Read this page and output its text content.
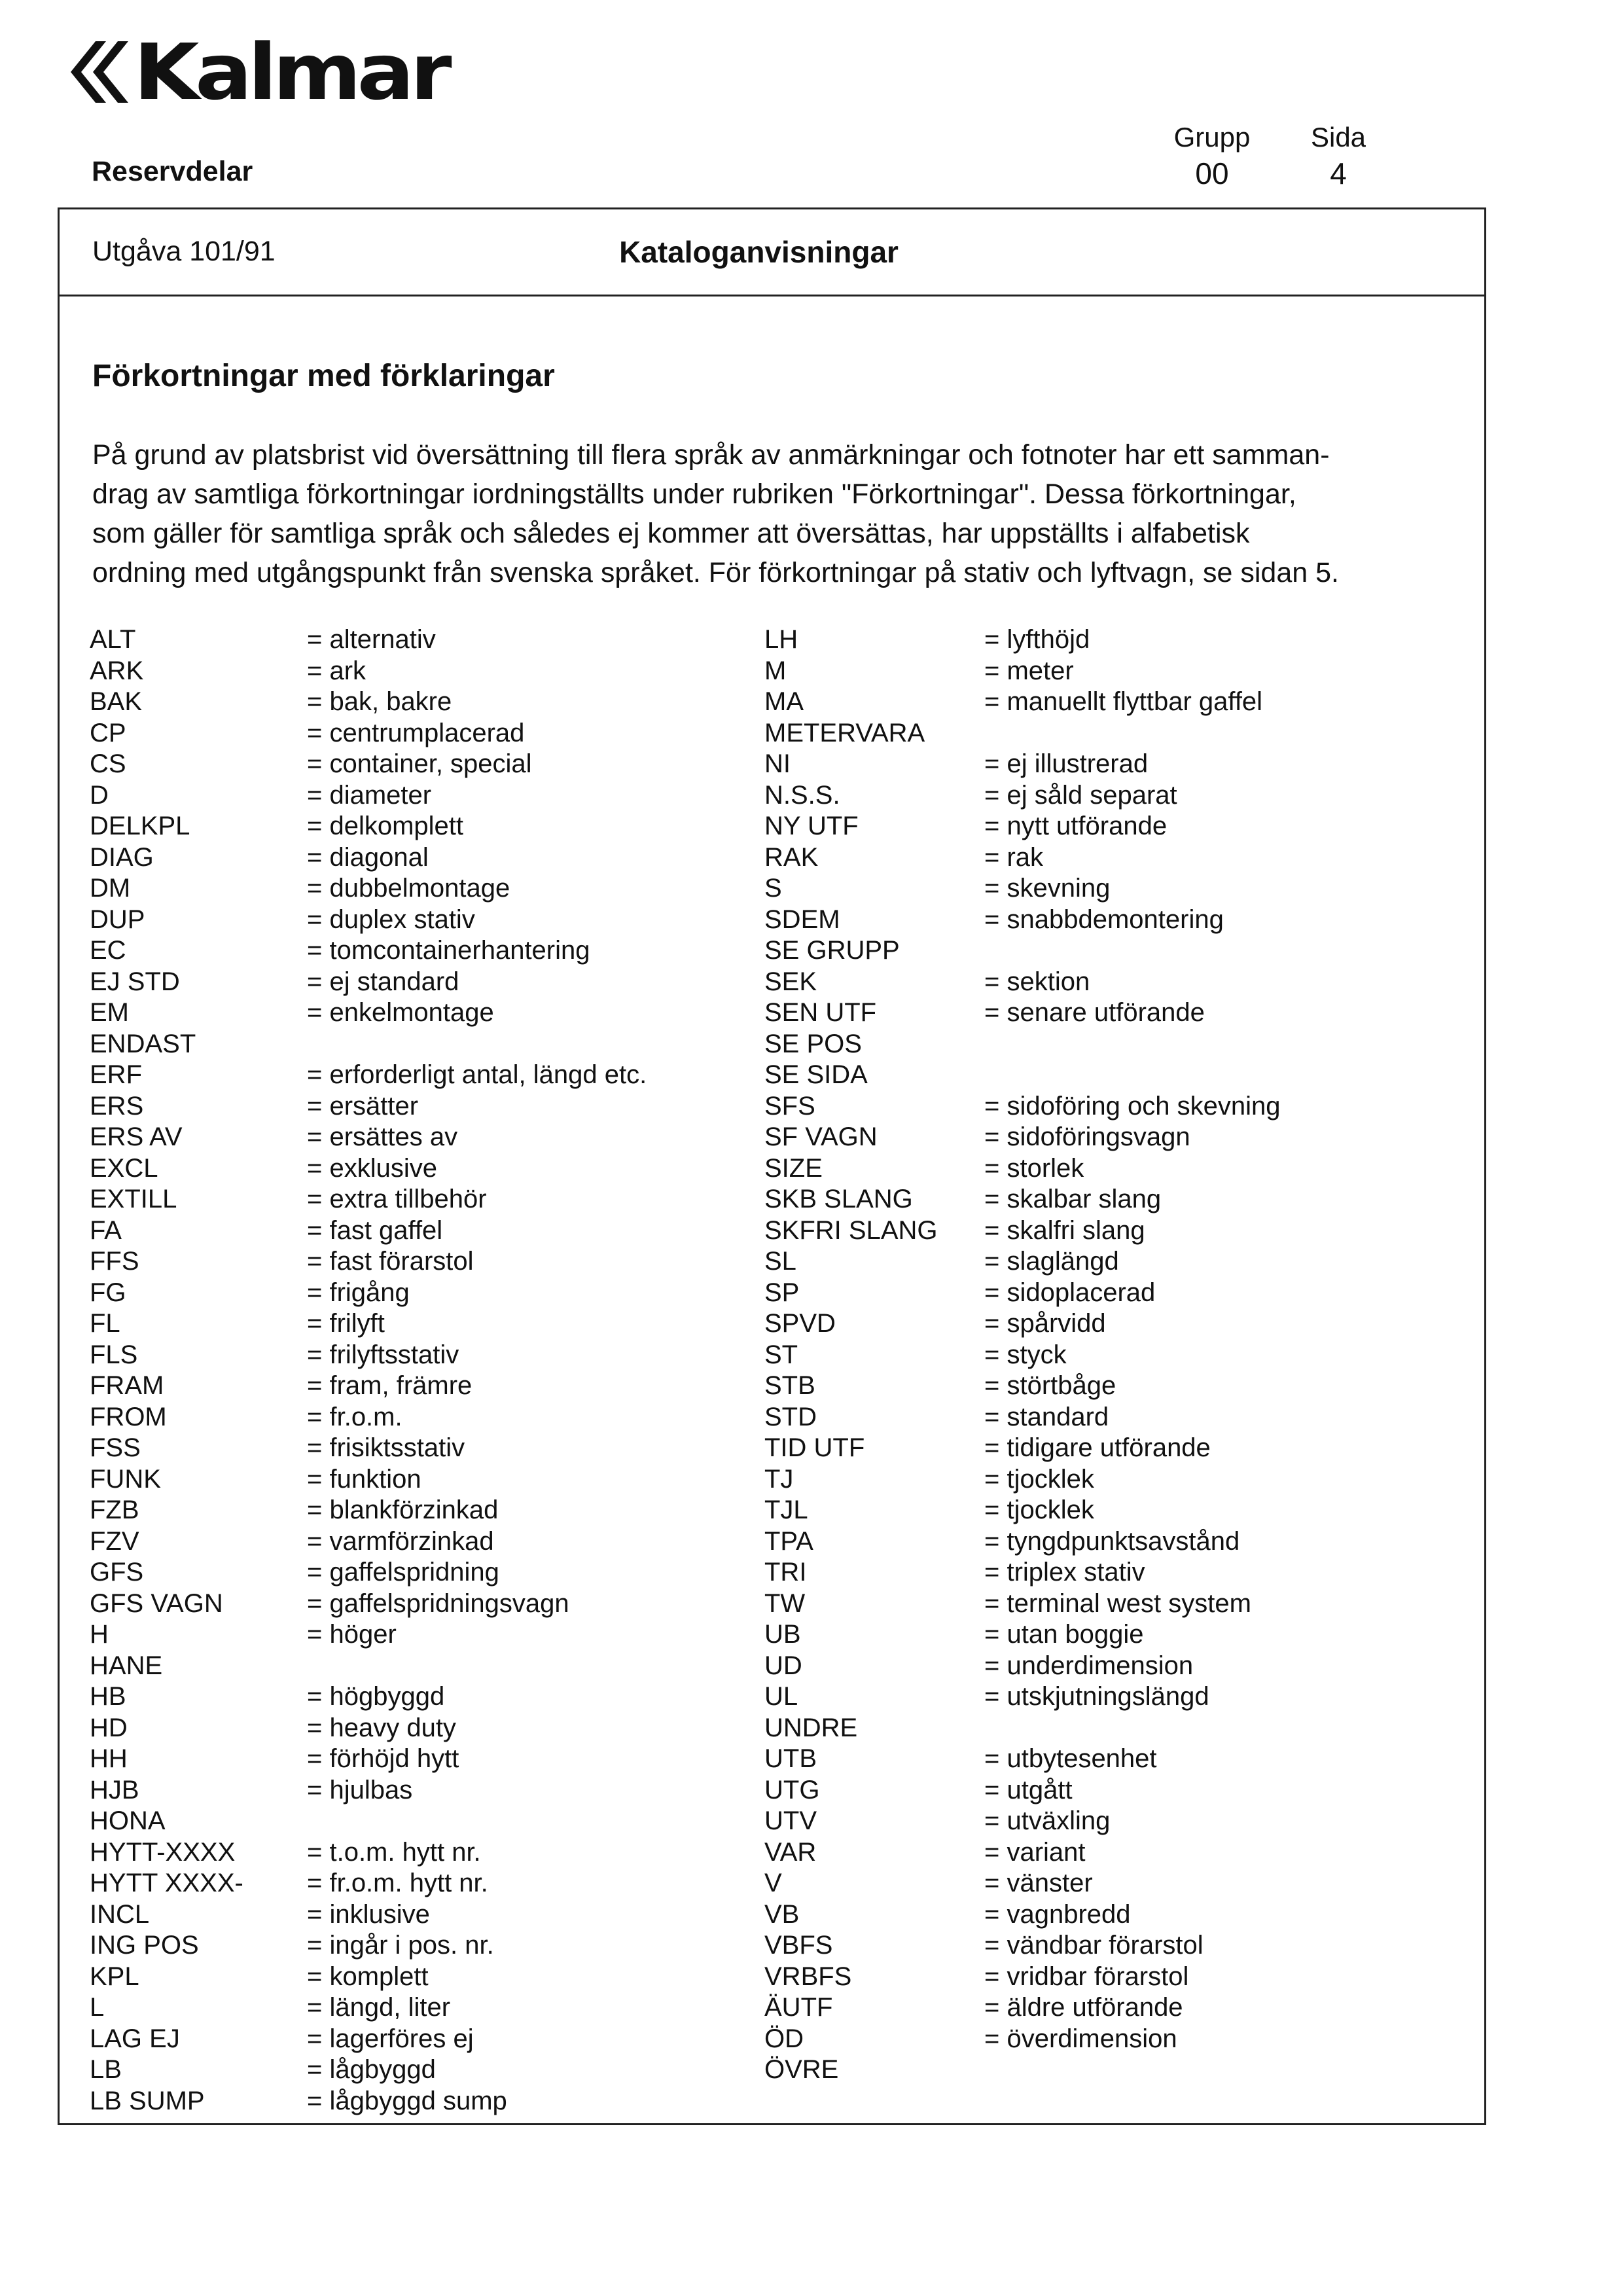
Kalmar
Reservdelar
Grupp	Sida
00	4
Utgåva 101/91	Kataloganvisningar
Förkortningar med förklaringar

På grund av platsbrist vid översättning till flera språk av anmärkningar och fotnoter har ett samman-
drag av samtliga förkortningar iordningställts under rubriken "Förkortningar". Dessa förkortningar,
som gäller för samtliga språk och således ej kommer att översättas, har uppställts i alfabetisk
ordning med utgångspunkt från svenska språket. För förkortningar på stativ och lyftvagn, se sidan 5.

ALT	= alternativ
ARK	= ark
BAK	= bak, bakre
CP	= centrumplacerad
CS	= container, special
D	= diameter
DELKPL	= delkomplett
DIAG	= diagonal
DM	= dubbelmontage
DUP	= duplex stativ
EC	= tomcontainerhantering
EJ STD	= ej standard
EM	= enkelmontage
ENDAST
ERF	= erforderligt antal, längd etc.
ERS	= ersätter
ERS AV	= ersättes av
EXCL	= exklusive
EXTILL	= extra tillbehör
FA	= fast gaffel
FFS	= fast förarstol
FG	= frigång
FL	= frilyft
FLS	= frilyftsstativ
FRAM	= fram, främre
FROM	= fr.o.m.
FSS	= frisiktsstativ
FUNK	= funktion
FZB	= blankförzinkad
FZV	= varmförzinkad
GFS	= gaffelspridning
GFS VAGN	= gaffelspridningsvagn
H	= höger
HANE
HB	= högbyggd
HD	= heavy duty
HH	= förhöjd hytt
HJB	= hjulbas
HONA
HYTT-XXXX	= t.o.m. hytt nr.
HYTT XXXX-	= fr.o.m. hytt nr.
INCL	= inklusive
ING POS	= ingår i pos. nr.
KPL	= komplett
L	= längd, liter
LAG EJ	= lagerföres ej
LB	= lågbyggd
LB SUMP	= lågbyggd sump
LH	= lyfthöjd
M	= meter
MA	= manuellt flyttbar gaffel
METERVARA
NI	= ej illustrerad
N.S.S.	= ej såld separat
NY UTF	= nytt utförande
RAK	= rak
S	= skevning
SDEM	= snabbdemontering
SE GRUPP
SEK	= sektion
SEN UTF	= senare utförande
SE POS
SE SIDA
SFS	= sidoföring och skevning
SF VAGN	= sidoföringsvagn
SIZE	= storlek
SKB SLANG	= skalbar slang
SKFRI SLANG	= skalfri slang
SL	= slaglängd
SP	= sidoplacerad
SPVD	= spårvidd
ST	= styck
STB	= störtbåge
STD	= standard
TID UTF	= tidigare utförande
TJ	= tjocklek
TJL	= tjocklek
TPA	= tyngdpunktsavstånd
TRI	= triplex stativ
TW	= terminal west system
UB	= utan boggie
UD	= underdimension
UL	= utskjutningslängd
UNDRE
UTB	= utbytesenhet
UTG	= utgått
UTV	= utväxling
VAR	= variant
V	= vänster
VB	= vagnbredd
VBFS	= vändbar förarstol
VRBFS	= vridbar förarstol
ÄUTF	= äldre utförande
ÖD	= överdimension
ÖVRE
